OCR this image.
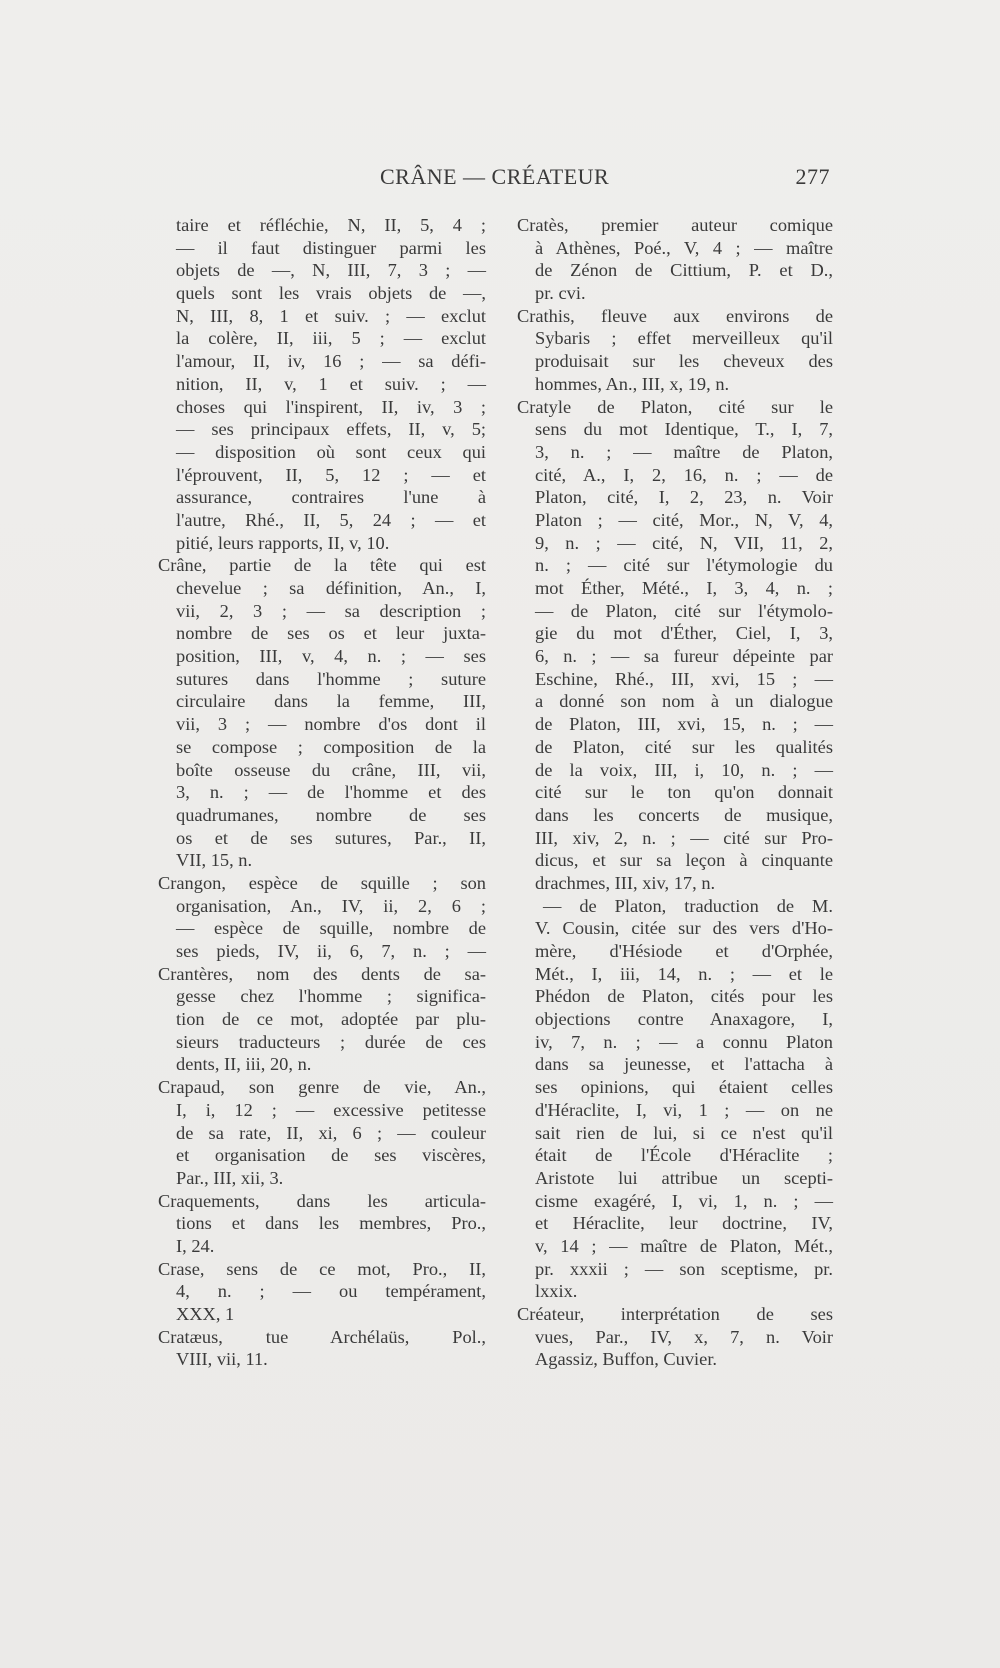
CRÂNE — CRÉATEUR	277
taire et réfléchie, N, II, 5, 4 ;
— il faut distinguer parmi les
objets de —, N, III, 7, 3 ; —
quels sont les vrais objets de —,
N, III, 8, 1 et suiv. ; — exclut
la colère, II, iii, 5 ; — exclut
l'amour, II, iv, 16 ; — sa défi-
nition, II, v, 1 et suiv. ; —
choses qui l'inspirent, II, iv, 3 ;
— ses principaux effets, II, v, 5;
— disposition où sont ceux qui
l'éprouvent, II, 5, 12 ; — et
assurance, contraires l'une à
l'autre, Rhé., II, 5, 24 ; — et
pitié, leurs rapports, II, v, 10.
Crâne, partie de la tête qui est
chevelue ; sa définition, An., I,
vii, 2, 3 ; — sa description ;
nombre de ses os et leur juxta-
position, III, v, 4, n. ; — ses
sutures dans l'homme ; suture
circulaire dans la femme, III,
vii, 3 ; — nombre d'os dont il
se compose ; composition de la
boîte osseuse du crâne, III, vii,
3, n. ; — de l'homme et des
quadrumanes, nombre de ses
os et de ses sutures, Par., II,
VII, 15, n.
Crangon, espèce de squille ; son
organisation, An., IV, ii, 2, 6 ;
— espèce de squille, nombre de
ses pieds, IV, ii, 6, 7, n. ; —
Crantères, nom des dents de sa-
gesse chez l'homme ; significa-
tion de ce mot, adoptée par plu-
sieurs traducteurs ; durée de ces
dents, II, iii, 20, n.
Crapaud, son genre de vie, An.,
I, i, 12 ; — excessive petitesse
de sa rate, II, xi, 6 ; — couleur
et organisation de ses viscères,
Par., III, xii, 3.
Craquements, dans les articula-
tions et dans les membres, Pro.,
I, 24.
Crase, sens de ce mot, Pro., II,
4, n. ; — ou tempérament,
XXX, 1
Cratæus, tue Archélaüs, Pol.,
VIII, vii, 11.
Cratès, premier auteur comique
à Athènes, Poé., V, 4 ; — maître
de Zénon de Cittium, P. et D.,
pr. cvi.
Crathis, fleuve aux environs de
Sybaris ; effet merveilleux qu'il
produisait sur les cheveux des
hommes, An., III, x, 19, n.
Cratyle de Platon, cité sur le
sens du mot Identique, T., I, 7,
3, n. ; — maître de Platon,
cité, A., I, 2, 16, n. ; — de
Platon, cité, I, 2, 23, n. Voir
Platon ; — cité, Mor., N, V, 4,
9, n. ; — cité, N, VII, 11, 2,
n. ; — cité sur l'étymologie du
mot Éther, Mété., I, 3, 4, n. ;
— de Platon, cité sur l'étymolo-
gie du mot d'Éther, Ciel, I, 3,
6, n. ; — sa fureur dépeinte par
Eschine, Rhé., III, xvi, 15 ; —
a donné son nom à un dialogue
de Platon, III, xvi, 15, n. ; —
de Platon, cité sur les qualités
de la voix, III, i, 10, n. ; —
cité sur le ton qu'on donnait
dans les concerts de musique,
III, xiv, 2, n. ; — cité sur Pro-
dicus, et sur sa leçon à cinquante
drachmes, III, xiv, 17, n.
— de Platon, traduction de M.
V. Cousin, citée sur des vers d'Ho-
mère, d'Hésiode et d'Orphée,
Mét., I, iii, 14, n. ; — et le
Phédon de Platon, cités pour les
objections contre Anaxagore, I,
iv, 7, n. ; — a connu Platon
dans sa jeunesse, et l'attacha à
ses opinions, qui étaient celles
d'Héraclite, I, vi, 1 ; — on ne
sait rien de lui, si ce n'est qu'il
était de l'École d'Héraclite ;
Aristote lui attribue un scepti-
cisme exagéré, I, vi, 1, n. ; —
et Héraclite, leur doctrine, IV,
v, 14 ; — maître de Platon, Mét.,
pr. xxxii ; — son sceptisme, pr.
lxxix.
Créateur, interprétation de ses
vues, Par., IV, x, 7, n. Voir
Agassiz, Buffon, Cuvier.
